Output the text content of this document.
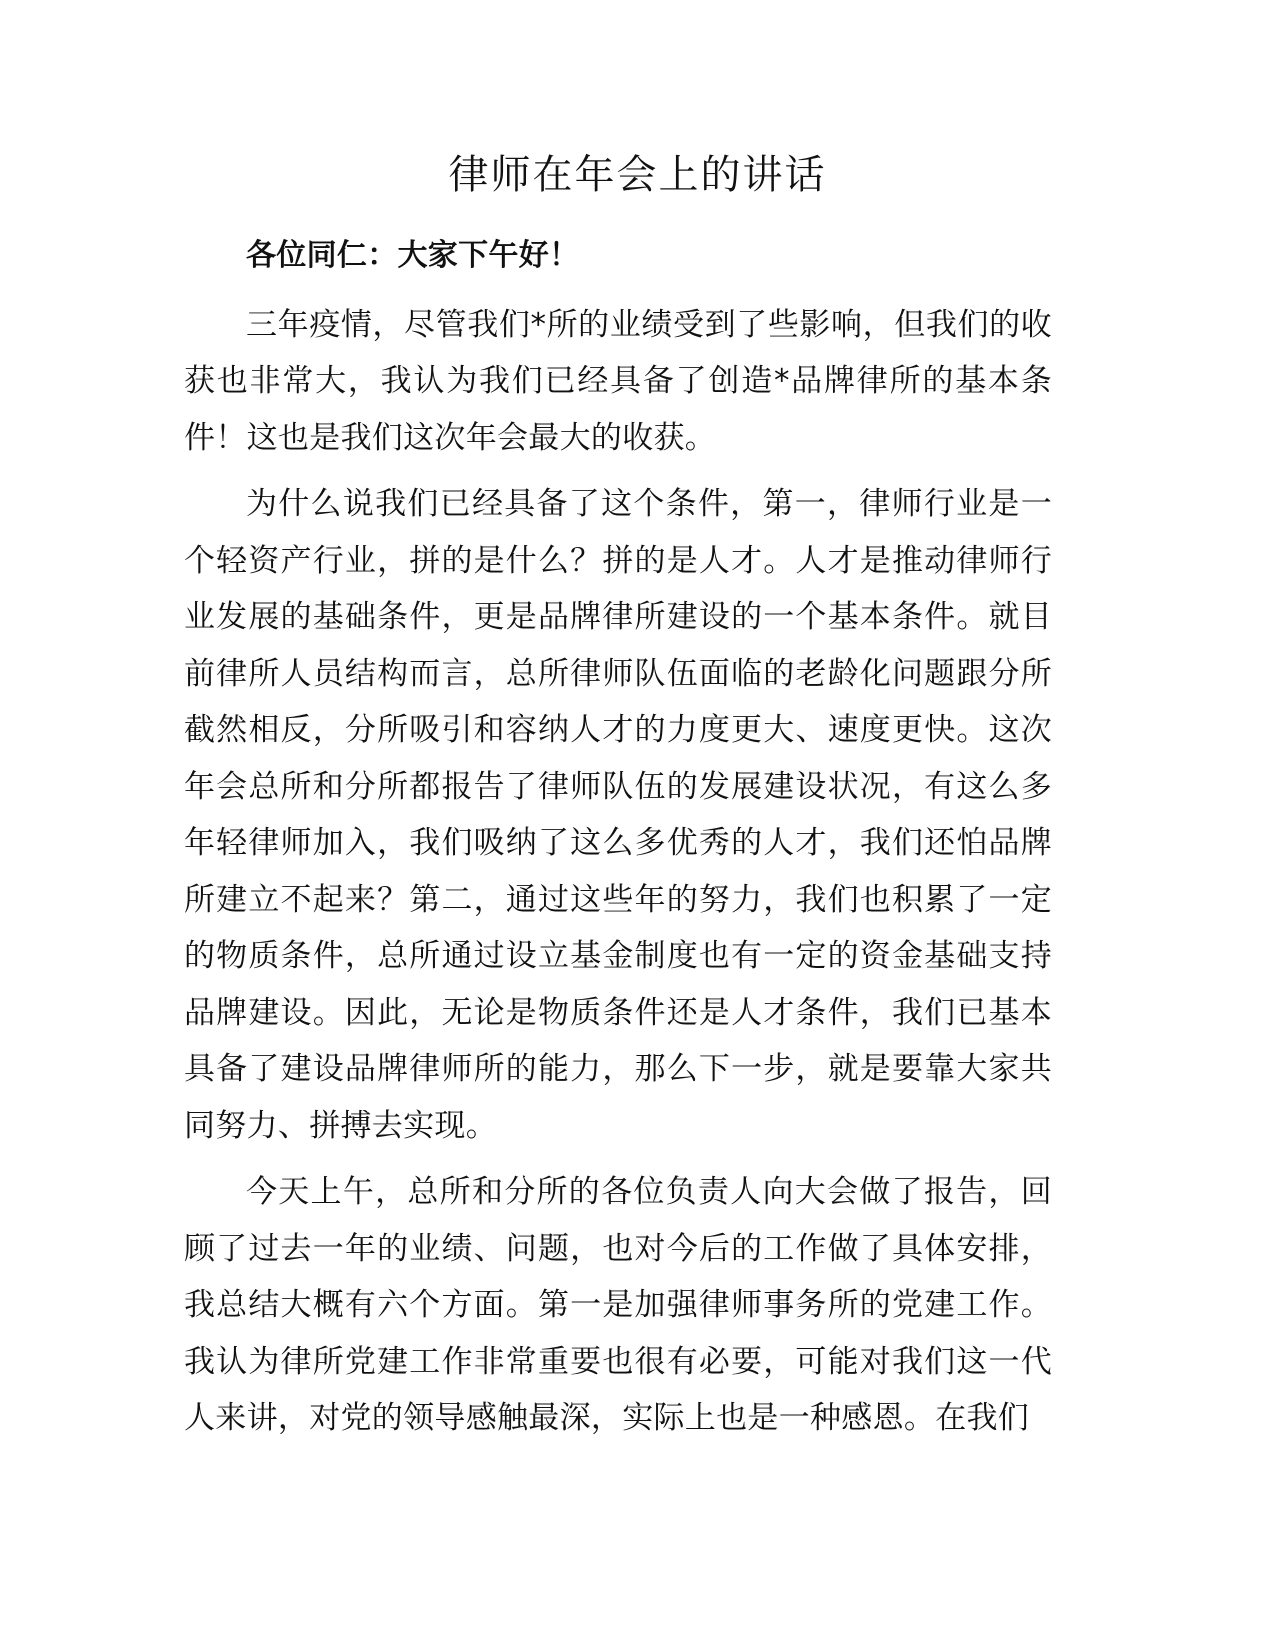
律师在年会上的讲话

各位同仁：大家下午好！

三年疫情，尽管我们*所的业绩受到了些影响，但我们的收获也非常大，我认为我们已经具备了创造*品牌律所的基本条件！这也是我们这次年会最大的收获。

为什么说我们已经具备了这个条件，第一，律师行业是一个轻资产行业，拼的是什么？拼的是人才。人才是推动律师行业发展的基础条件，更是品牌律所建设的一个基本条件。就目前律所人员结构而言，总所律师队伍面临的老龄化问题跟分所截然相反，分所吸引和容纳人才的力度更大、速度更快。这次年会总所和分所都报告了律师队伍的发展建设状况，有这么多年轻律师加入，我们吸纳了这么多优秀的人才，我们还怕品牌所建立不起来？第二，通过这些年的努力，我们也积累了一定的物质条件，总所通过设立基金制度也有一定的资金基础支持品牌建设。因此，无论是物质条件还是人才条件，我们已基本具备了建设品牌律师所的能力，那么下一步，就是要靠大家共同努力、拼搏去实现。

今天上午，总所和分所的各位负责人向大会做了报告，回顾了过去一年的业绩、问题，也对今后的工作做了具体安排，我总结大概有六个方面。第一是加强律师事务所的党建工作。我认为律所党建工作非常重要也很有必要，可能对我们这一代人来讲，对党的领导感触最深，实际上也是一种感恩。在我们
